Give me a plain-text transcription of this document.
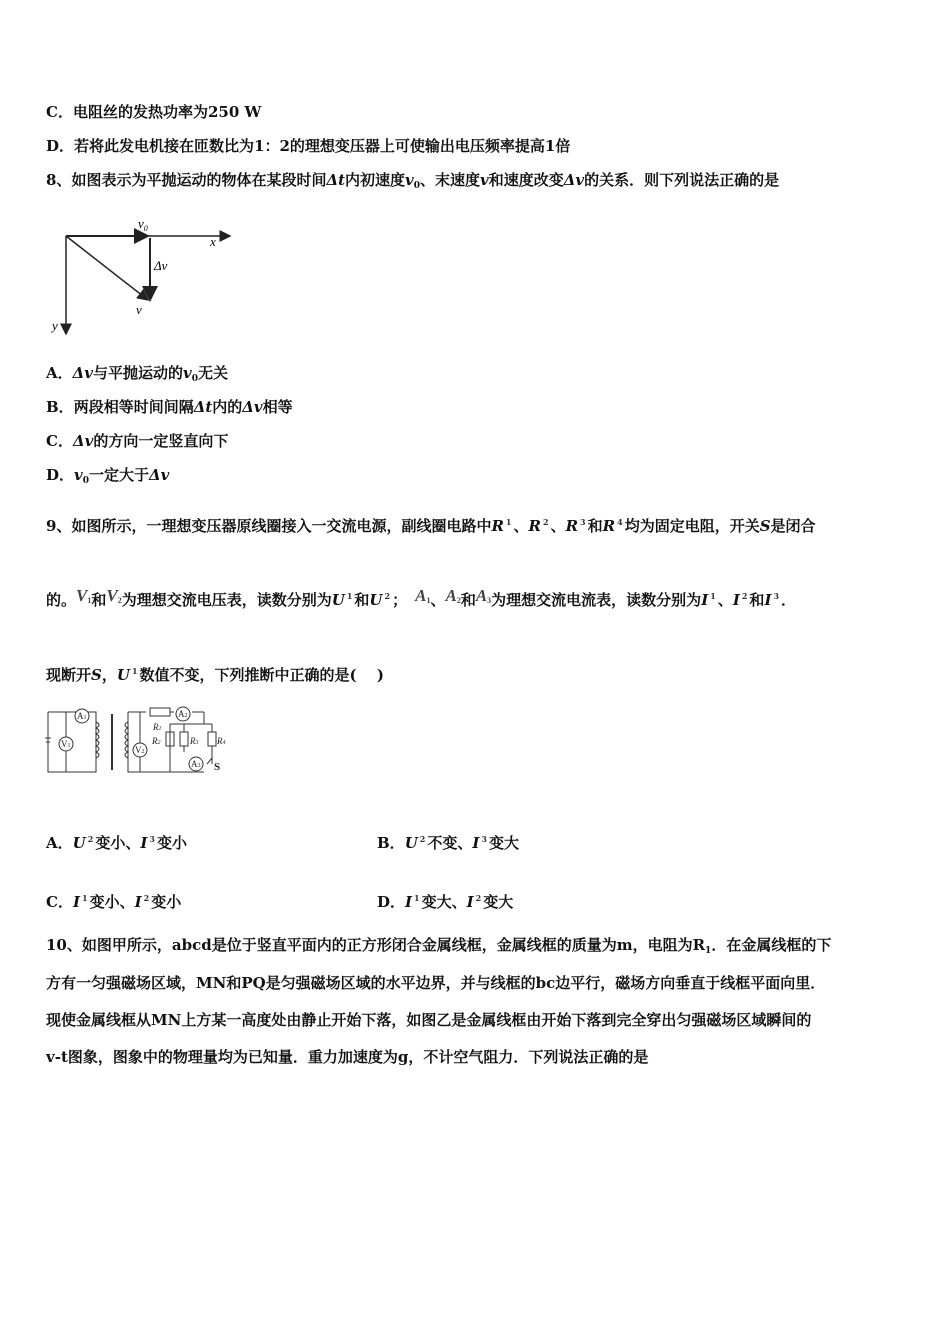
C．电阻丝的发热功率为250 W
D．若将此发电机接在匝数比为1：2的理想变压器上可使输出电压频率提高1倍
8、如图表示为平抛运动的物体在某段时间Δt内初速度$v_0$、末速度v和速度改变Δv的关系．则下列说法正确的是
$v_0$
x
Δv
v
y
A．Δv与平抛运动的$v_0$无关
B．两段相等时间间隔Δt内的Δv相等
C．Δv的方向一定竖直向下
D．$v_0$一定大于Δv
9、如图所示，一理想变压器原线圈接入一交流电源，副线圈电路中R $^1$ 、R $^2$ 、R $^3$ 和R $^4$ 均为固定电阻，开关S是闭合
的。V1和V2为理想交流电压表，读数分别为U $^1$ 和U $^2$ ； A1、A2和A3为理想交流电流表，读数分别为I $^1$ 、I $^2$ 和I $^3$ ．
现断开S，U $^1$ 数值不变，下列推断中正确的是(　 )
A1
V1
R1
A2
R2	R3 R4
V2
A3 S
A．U $^2$ 变小、I $^3$ 变小	B．U $^2$ 不变、I $^3$ 变大
C．I $^1$ 变小、I $^2$ 变小	D．I $^1$ 变大、I $^2$ 变大
10、如图甲所示，abcd是位于竖直平面内的正方形闭合金属线框，金属线框的质量为m，电阻为$R_1$．在金属线框的下
方有一匀强磁场区域，MN和PQ是匀强磁场区域的水平边界，并与线框的bc边平行，磁场方向垂直于线框平面向里．
现使金属线框从MN上方某一高度处由静止开始下落，如图乙是金属线框由开始下落到完全穿出匀强磁场区域瞬间的
v-t图象，图象中的物理量均为已知量．重力加速度为g，不计空气阻力．下列说法正确的是
